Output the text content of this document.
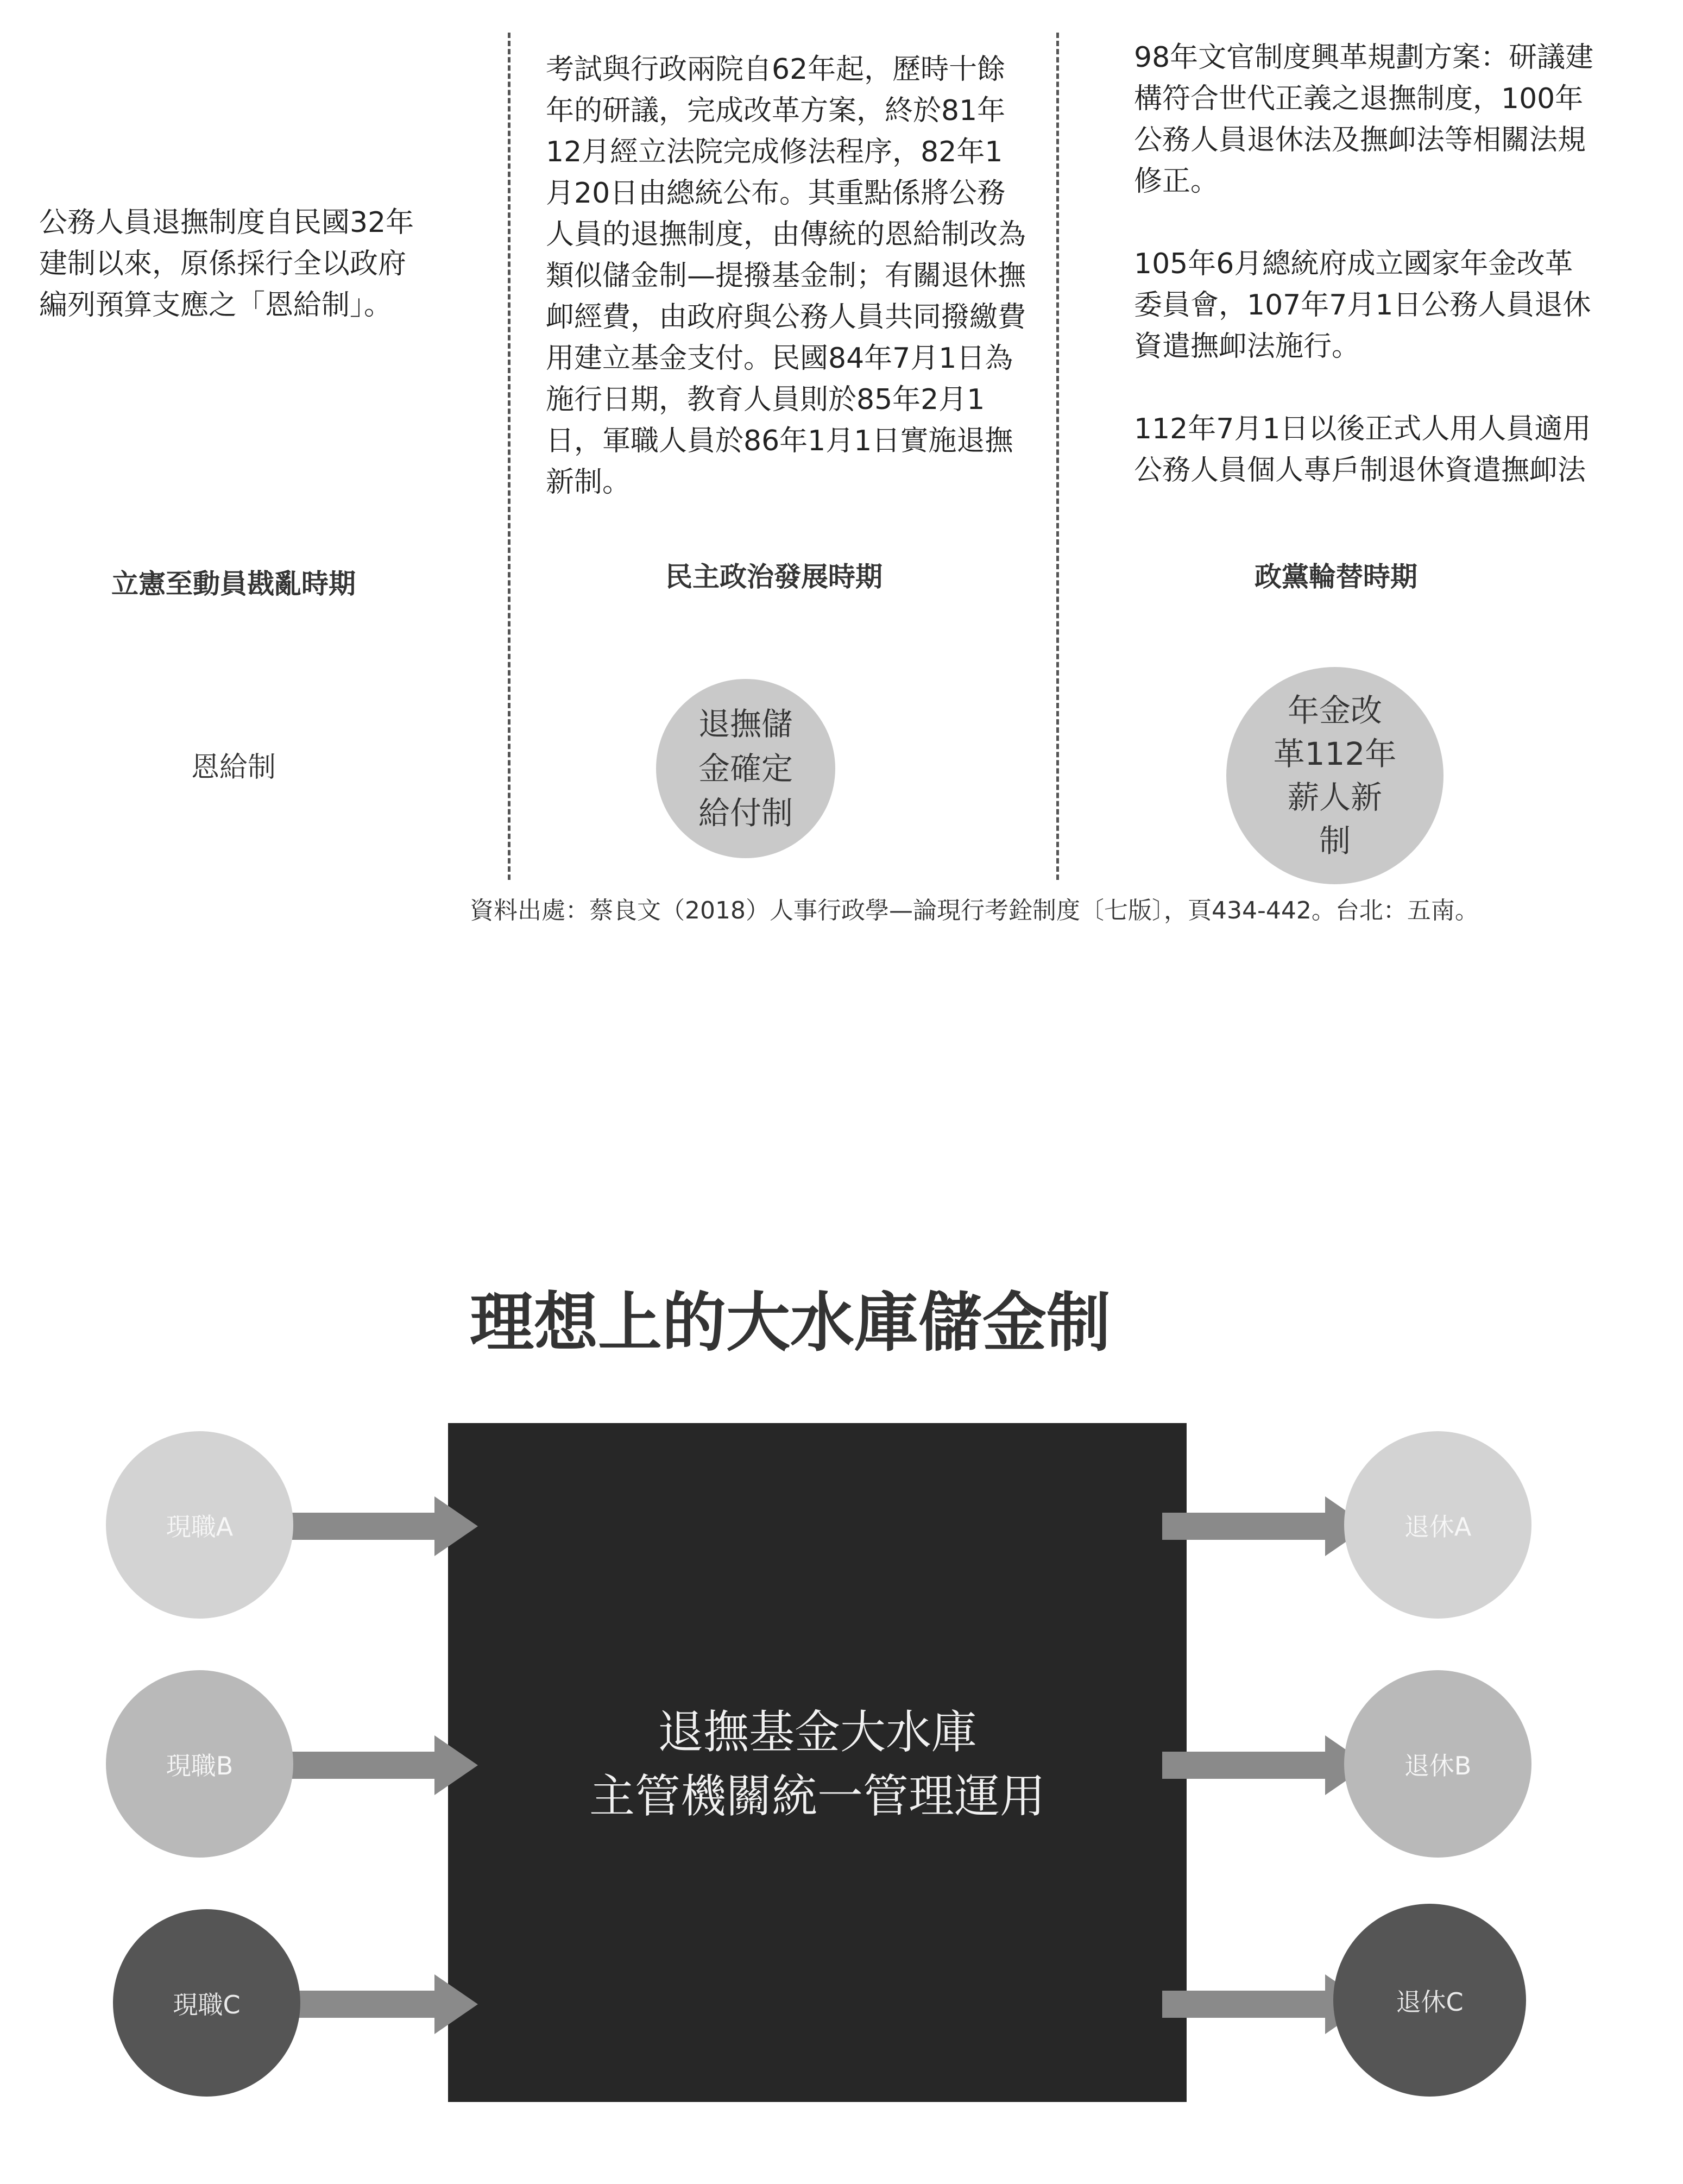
公務人員退撫制度自民國32年建制以來，原係採行全以政府編列預算支應之「恩給制」。

立憲至動員戡亂時期
恩給制

考試與行政兩院自62年起，歷時十餘年的研議，完成改革方案，終於81年12月經立法院完成修法程序，82年1月20日由總統公布。其重點係將公務人員的退撫制度，由傳統的恩給制改為類似儲金制—提撥基金制；有關退休撫卹經費，由政府與公務人員共同撥繳費用建立基金支付。民國84年7月1日為施行日期，教育人員則於85年2月1日，軍職人員於86年1月1日實施退撫新制。

民主政治發展時期
退撫儲
金確定
給付制

98年文官制度興革規劃方案：研議建構符合世代正義之退撫制度，100年公務人員退休法及撫卹法等相關法規修正。

105年6月總統府成立國家年金改革委員會，107年7月1日公務人員退休資遣撫卹法施行。

112年7月1日以後正式人用人員適用公務人員個人專戶制退休資遣撫卹法

政黨輪替時期
年金改
革112年
薪人新
制
資料出處：蔡良文（2018）人事行政學—論現行考銓制度〔七版〕，頁434-442。台北：五南。
理想上的大水庫儲金制
退撫基金大水庫
主管機關統一管理運用
現職A
現職B
現職C
退休A
退休B
退休C
